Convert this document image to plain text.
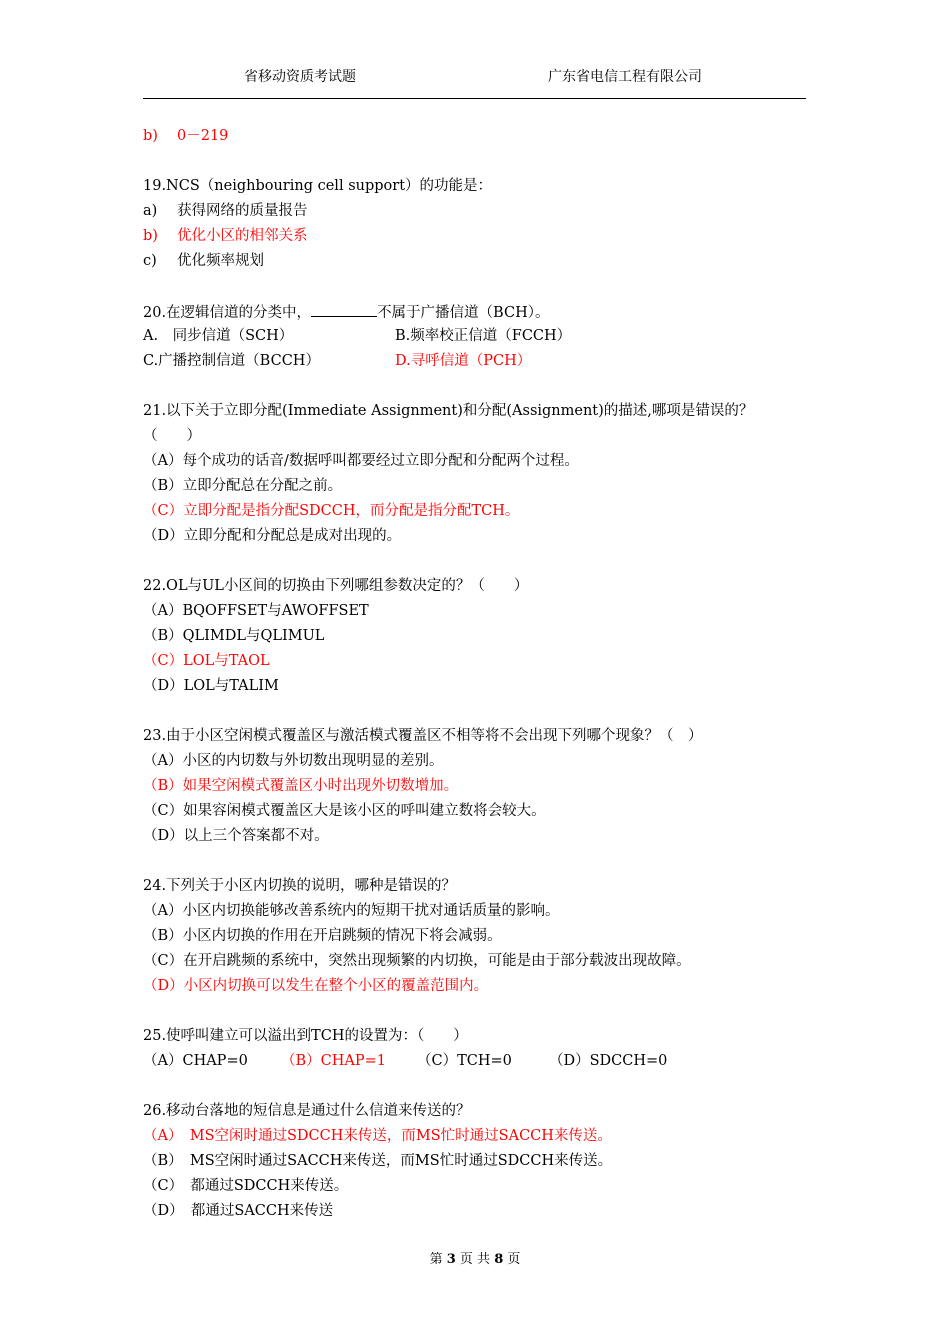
省移动资质考试题	广东省电信工程有限公司
b) 0－219
19.NCS（neighbouring cell support）的功能是：
a) 获得网络的质量报告
b) 优化小区的相邻关系
c) 优化频率规划
20.在逻辑信道的分类中，	不属于广播信道（BCH）。
A.　同步信道（SCH）	B.频率校正信道（FCCH）
C.广播控制信道（BCCH）	D.寻呼信道（PCH）
21.以下关于立即分配(Immediate Assignment)和分配(Assignment)的描述,哪项是错误的？
（　　）
（A）每个成功的话音/数据呼叫都要经过立即分配和分配两个过程。
（B）立即分配总在分配之前。
（C）立即分配是指分配SDCCH，而分配是指分配TCH。
（D）立即分配和分配总是成对出现的。
22.OL与UL小区间的切换由下列哪组参数决定的？（　　）
（A）BQOFFSET与AWOFFSET
（B）QLIMDL与QLIMUL
（C）LOL与TAOL
（D）LOL与TALIM
23.由于小区空闲模式覆盖区与激活模式覆盖区不相等将不会出现下列哪个现象？（　）
（A）小区的内切数与外切数出现明显的差别。
（B）如果空闲模式覆盖区小时出现外切数增加。
（C）如果容闲模式覆盖区大是该小区的呼叫建立数将会较大。
（D）以上三个答案都不对。
24.下列关于小区内切换的说明，哪种是错误的？
（A）小区内切换能够改善系统内的短期干扰对通话质量的影响。
（B）小区内切换的作用在开启跳频的情况下将会减弱。
（C）在开启跳频的系统中，突然出现频繁的内切换，可能是由于部分载波出现故障。
（D）小区内切换可以发生在整个小区的覆盖范围内。
25.使呼叫建立可以溢出到TCH的设置为：（　　）
（A）CHAP=0 （B）CHAP=1 （C）TCH=0	（D）SDCCH=0
26.移动台落地的短信息是通过什么信道来传送的？
（A）　MS空闲时通过SDCCH来传送，而MS忙时通过SACCH来传送。
（B）　MS空闲时通过SACCH来传送，而MS忙时通过SDCCH来传送。
（C）　都通过SDCCH来传送。
（D）　都通过SACCH来传送
第 3 页 共 8 页
